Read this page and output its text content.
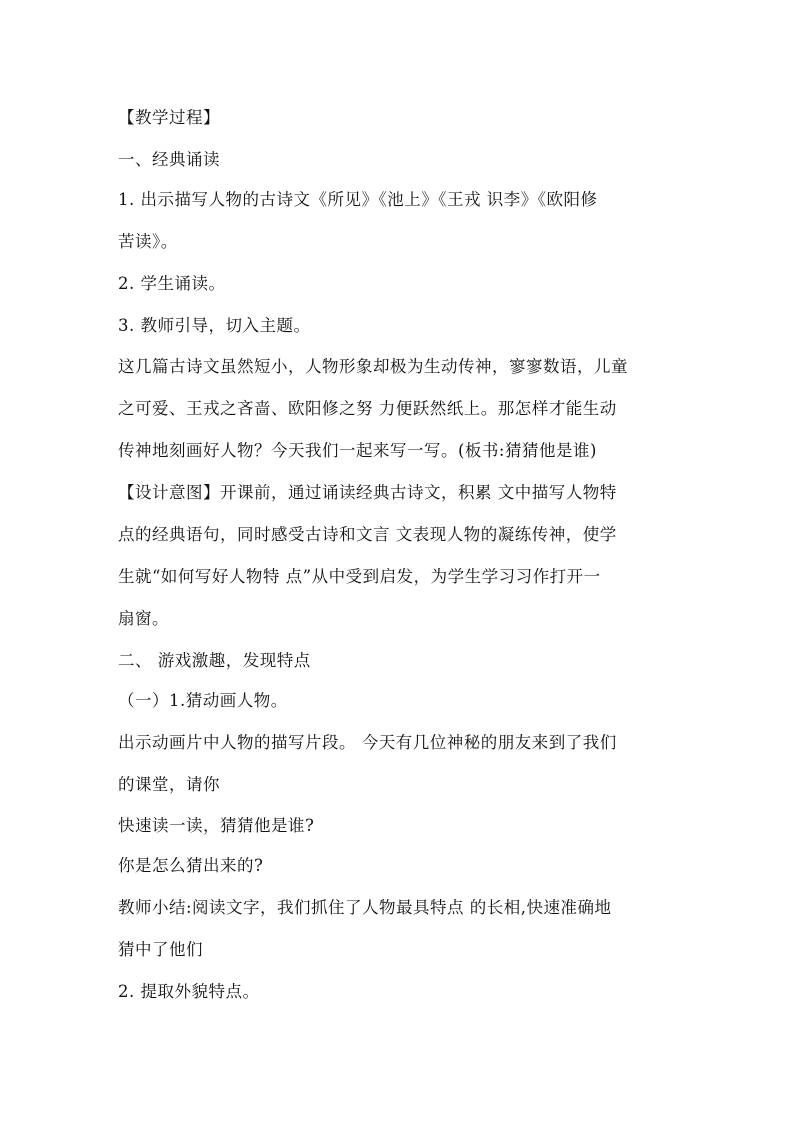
【教学过程】
一、经典诵读
1. 出示描写人物的古诗文《所见》《池上》《王戎 识李》《欧阳修
苦读》。
2. 学生诵读。
3. 教师引导，切入主题。
这几篇古诗文虽然短小，人物形象却极为生动传神，寥寥数语，儿童
之可爱、王戎之吝啬、欧阳修之努 力便跃然纸上。那怎样才能生动
传神地刻画好人物？今天我们一起来写一写。(板书:猜猜他是谁)
【设计意图】开课前，通过诵读经典古诗文，积累 文中描写人物特
点的经典语句，同时感受古诗和文言 文表现人物的凝练传神，使学
生就“如何写好人物特 点”从中受到启发，为学生学习习作打开一
扇窗。
二、 游戏激趣，发现特点
（一）1.猜动画人物。
出示动画片中人物的描写片段。 今天有几位神秘的朋友来到了我们
的课堂，请你
快速读一读，猜猜他是谁?
你是怎么猜出来的?
教师小结:阅读文字，我们抓住了人物最具特点 的长相,快速准确地
猜中了他们
2. 提取外貌特点。
